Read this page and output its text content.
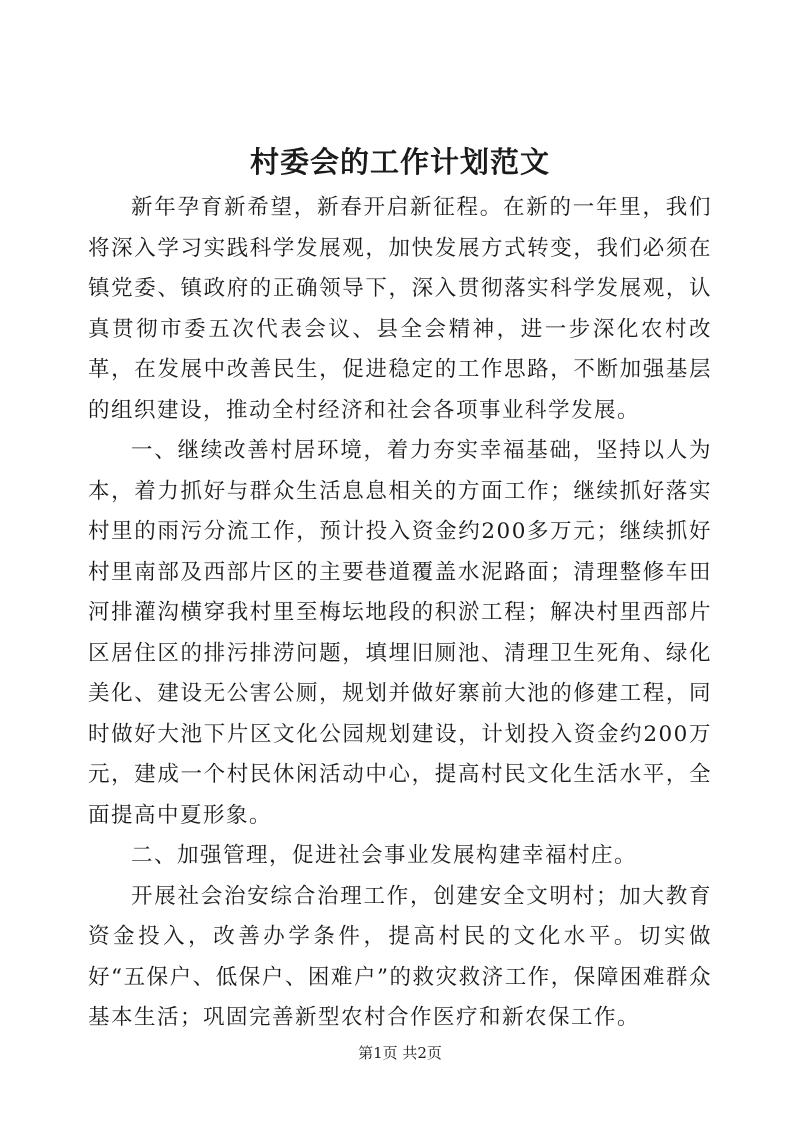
村委会的工作计划范文

新年孕育新希望，新春开启新征程。在新的一年里，我们将深入学习实践科学发展观，加快发展方式转变，我们必须在镇党委、镇政府的正确领导下，深入贯彻落实科学发展观，认真贯彻市委五次代表会议、县全会精神，进一步深化农村改革，在发展中改善民生，促进稳定的工作思路，不断加强基层的组织建设，推动全村经济和社会各项事业科学发展。

一、继续改善村居环境，着力夯实幸福基础，坚持以人为本，着力抓好与群众生活息息相关的方面工作；继续抓好落实村里的雨污分流工作，预计投入资金约200多万元；继续抓好村里南部及西部片区的主要巷道覆盖水泥路面；清理整修车田河排灌沟横穿我村里至梅坛地段的积淤工程；解决村里西部片区居住区的排污排涝问题，填埋旧厕池、清理卫生死角、绿化美化、建设无公害公厕，规划并做好寨前大池的修建工程，同时做好大池下片区文化公园规划建设，计划投入资金约200万元，建成一个村民休闲活动中心，提高村民文化生活水平，全面提高中夏形象。

二、加强管理，促进社会事业发展构建幸福村庄。

开展社会治安综合治理工作，创建安全文明村；加大教育资金投入，改善办学条件，提高村民的文化水平。切实做好“五保户、低保户、困难户”的救灾救济工作，保障困难群众基本生活；巩固完善新型农村合作医疗和新农保工作。

第1页 共2页
